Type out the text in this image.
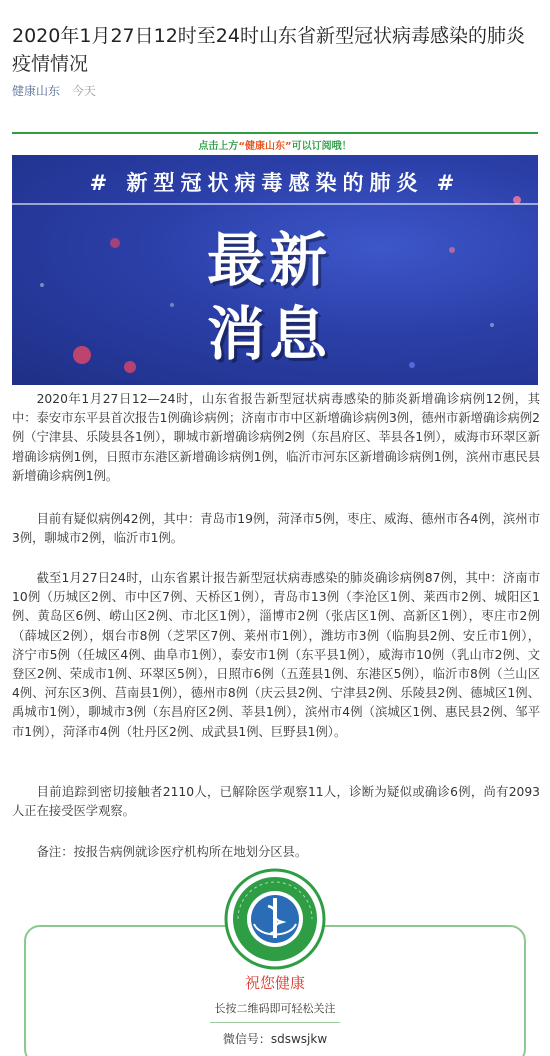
2020年1月27日12时至24时山东省新型冠状病毒感染的肺炎疫情情况
健康山东 今天
点击上方“健康山东”可以订阅哦！
# 新型冠状病毒感染的肺炎 #
最新
消息

2020年1月27日12—24时，山东省报告新型冠状病毒感染的肺炎新增确诊病例12例，其中：泰安市东平县首次报告1例确诊病例；济南市市中区新增确诊病例3例，德州市新增确诊病例2例（宁津县、乐陵县各1例），聊城市新增确诊病例2例（东昌府区、莘县各1例），威海市环翠区新增确诊病例1例，日照市东港区新增确诊病例1例，临沂市河东区新增确诊病例1例，滨州市惠民县新增确诊病例1例。

目前有疑似病例42例，其中：青岛市19例，菏泽市5例，枣庄、威海、德州市各4例，滨州市3例，聊城市2例，临沂市1例。

截至1月27日24时，山东省累计报告新型冠状病毒感染的肺炎确诊病例87例，其中：济南市10例（历城区2例、市中区7例、天桥区1例），青岛市13例（李沧区1例、莱西市2例、城阳区1例、黄岛区6例、崂山区2例、市北区1例），淄博市2例（张店区1例、高新区1例），枣庄市2例（薛城区2例），烟台市8例（芝罘区7例、莱州市1例），潍坊市3例（临朐县2例、安丘市1例），济宁市5例（任城区4例、曲阜市1例），泰安市1例（东平县1例），威海市10例（乳山市2例、文登区2例、荣成市1例、环翠区5例），日照市6例（五莲县1例、东港区5例），临沂市8例（兰山区4例、河东区3例、莒南县1例），德州市8例（庆云县2例、宁津县2例、乐陵县2例、德城区1例、禹城市1例），聊城市3例（东昌府区2例、莘县1例），滨州市4例（滨城区1例、惠民县2例、邹平市1例），菏泽市4例（牡丹区2例、成武县1例、巨野县1例）。

目前追踪到密切接触者2110人，已解除医学观察11人，诊断为疑似或确诊6例，尚有2093人正在接受医学观察。

备注：按报告病例就诊医疗机构所在地划分区县。

祝您健康
长按二维码即可轻松关注
微信号：sdswsjkw
